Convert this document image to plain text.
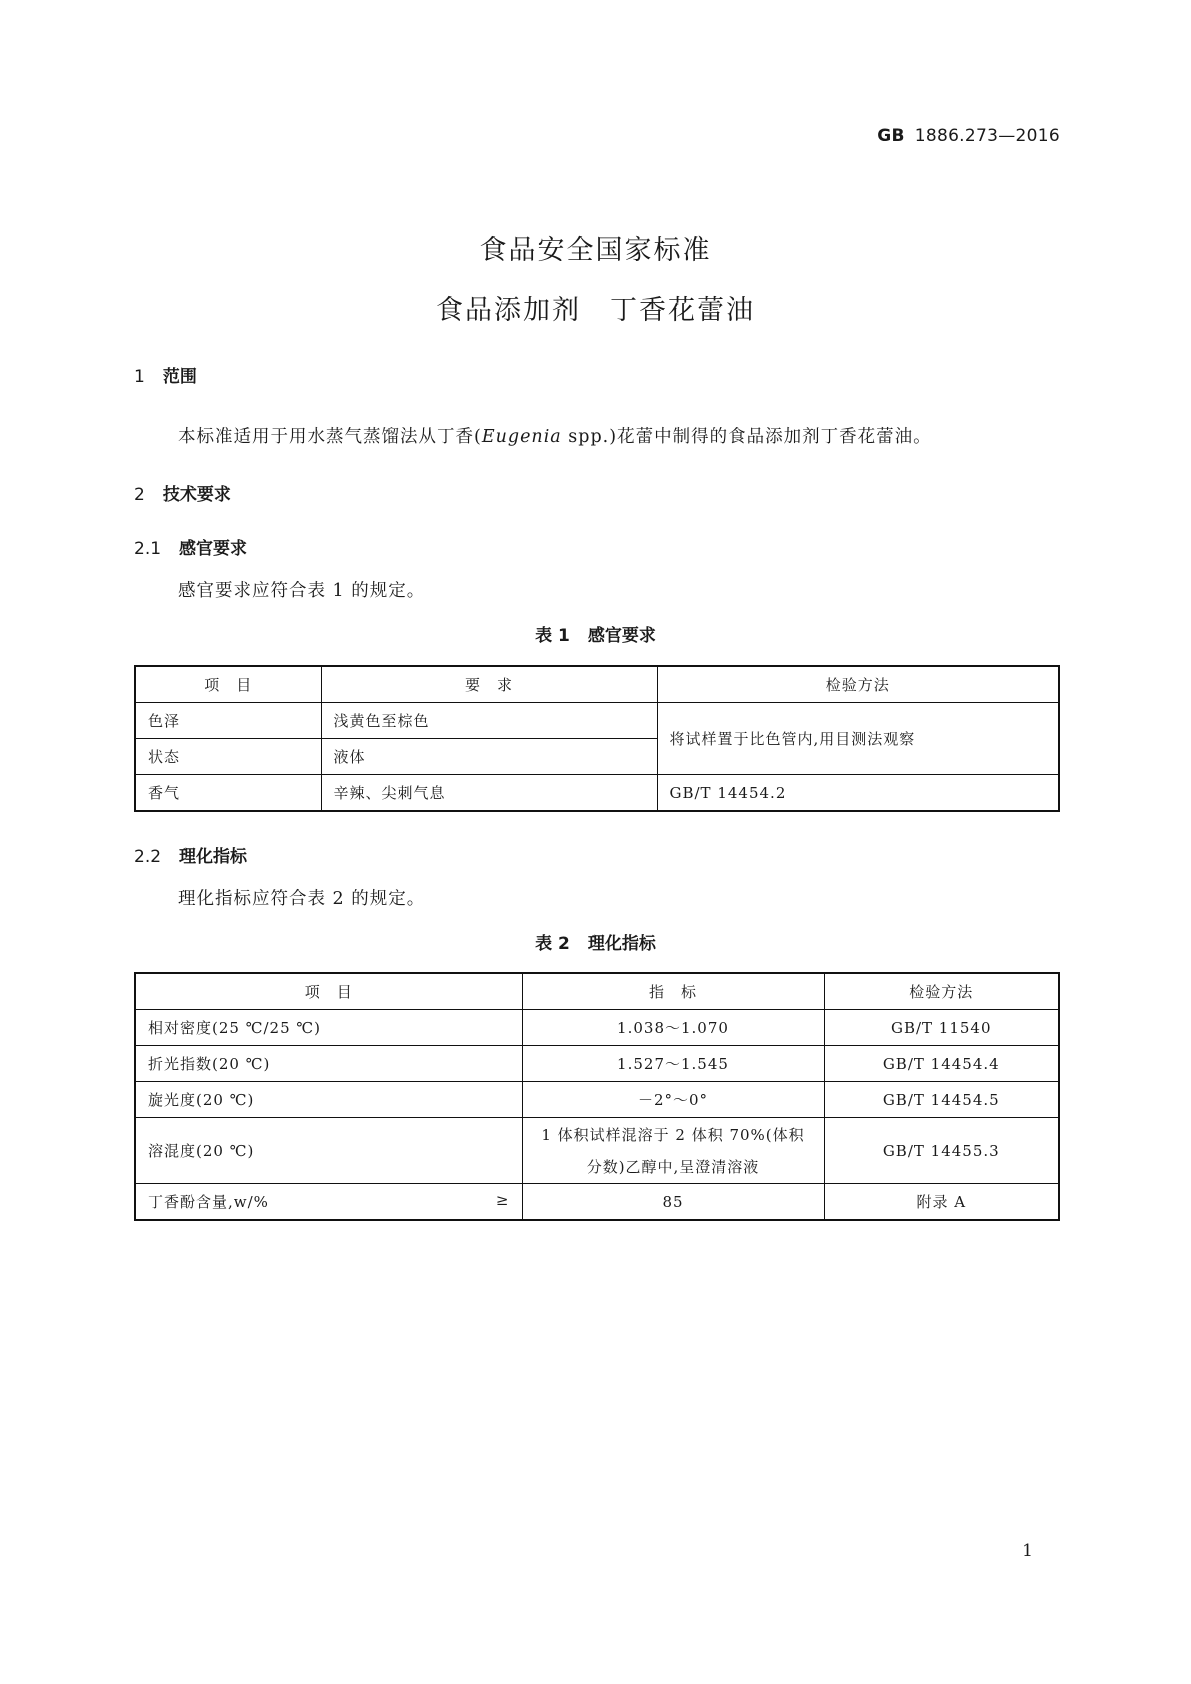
GB 1886.273—2016
食品安全国家标准
食品添加剂　丁香花蕾油
1 范围
本标准适用于用水蒸气蒸馏法从丁香(Eugenia spp.)花蕾中制得的食品添加剂丁香花蕾油。
2 技术要求
2.1 感官要求
感官要求应符合表 1 的规定。
表 1 感官要求
项　目	要　求	检验方法
色泽	浅黄色至棕色	将试样置于比色管内,用目测法观察
状态	液体	
香气	辛辣、尖刺气息	GB/T 14454.2
2.2 理化指标
理化指标应符合表 2 的规定。
表 2 理化指标
项　目	指　标	检验方法
相对密度(25 ℃/25 ℃)	1.038～1.070	GB/T 11540
折光指数(20 ℃)	1.527～1.545	GB/T 14454.4
旋光度(20 ℃)	－2°～0°	GB/T 14454.5
溶混度(20 ℃)	1 体积试样混溶于 2 体积 70%(体积
分数)乙醇中,呈澄清溶液	GB/T 14455.3
丁香酚含量,w/% ≥	85	附录 A
1
